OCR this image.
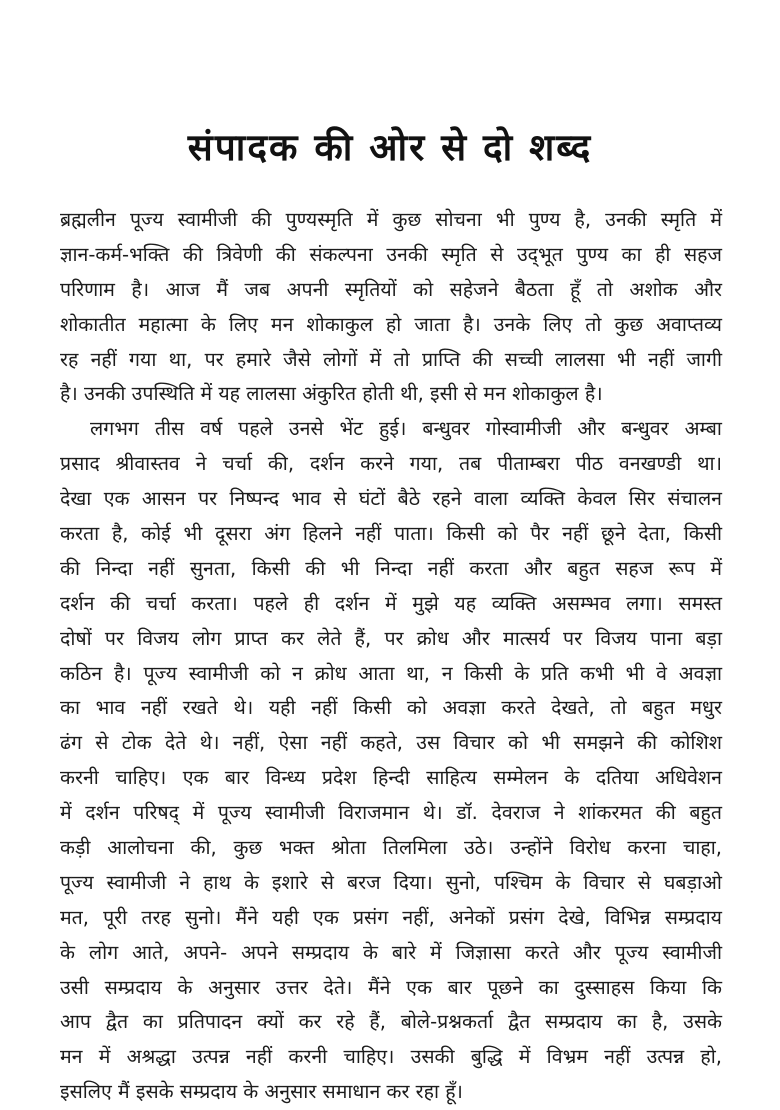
संपादक की ओर से दो शब्द
ब्रह्मलीन पूज्य स्वामीजी की पुण्यस्मृति में कुछ सोचना भी पुण्य है, उनकी स्मृति में
ज्ञान-कर्म-भक्ति की त्रिवेणी की संकल्पना उनकी स्मृति से उद्‌भूत पुण्य का ही सहज
परिणाम है। आज मैं जब अपनी स्मृतियों को सहेजने बैठता हूँ तो अशोक और
शोकातीत महात्मा के लिए मन शोकाकुल हो जाता है। उनके लिए तो कुछ अवाप्तव्य
रह नहीं गया था, पर हमारे जैसे लोगों में तो प्राप्ति की सच्ची लालसा भी नहीं जागी
है। उनकी उपस्थिति में यह लालसा अंकुरित होती थी, इसी से मन शोकाकुल है।
लगभग तीस वर्ष पहले उनसे भेंट हुई। बन्धुवर गोस्वामीजी और बन्धुवर अम्बा
प्रसाद श्रीवास्तव ने चर्चा की, दर्शन करने गया, तब पीताम्बरा पीठ वनखण्डी था।
देखा एक आसन पर निष्पन्द भाव से घंटों बैठे रहने वाला व्यक्ति केवल सिर संचालन
करता है, कोई भी दूसरा अंग हिलने नहीं पाता। किसी को पैर नहीं छूने देता, किसी
की निन्दा नहीं सुनता, किसी की भी निन्दा नहीं करता और बहुत सहज रूप में
दर्शन की चर्चा करता। पहले ही दर्शन में मुझे यह व्यक्ति असम्भव लगा। समस्त
दोषों पर विजय लोग प्राप्त कर लेते हैं, पर क्रोध और मात्सर्य पर विजय पाना बड़ा
कठिन है। पूज्य स्वामीजी को न क्रोध आता था, न किसी के प्रति कभी भी वे अवज्ञा
का भाव नहीं रखते थे। यही नहीं किसी को अवज्ञा करते देखते, तो बहुत मधुर
ढंग से टोक देते थे। नहीं, ऐसा नहीं कहते, उस विचार को भी समझने की कोशिश
करनी चाहिए। एक बार विन्ध्य प्रदेश हिन्दी साहित्य सम्मेलन के दतिया अधिवेशन
में दर्शन परिषद् में पूज्य स्वामीजी विराजमान थे। डॉ. देवराज ने शांकरमत की बहुत
कड़ी आलोचना की, कुछ भक्त श्रोता तिलमिला उठे। उन्होंने विरोध करना चाहा,
पूज्य स्वामीजी ने हाथ के इशारे से बरज दिया। सुनो, पश्चिम के विचार से घबड़ाओ
मत, पूरी तरह सुनो। मैंने यही एक प्रसंग नहीं, अनेकों प्रसंग देखे, विभिन्न सम्प्रदाय
के लोग आते, अपने- अपने सम्प्रदाय के बारे में जिज्ञासा करते और पूज्य स्वामीजी
उसी सम्प्रदाय के अनुसार उत्तर देते। मैंने एक बार पूछने का दुस्साहस किया कि
आप द्वैत का प्रतिपादन क्यों कर रहे हैं, बोले-प्रश्नकर्ता द्वैत सम्प्रदाय का है, उसके
मन में अश्रद्धा उत्पन्न नहीं करनी चाहिए। उसकी बुद्धि में विभ्रम नहीं उत्पन्न हो,
इसलिए मैं इसके सम्प्रदाय के अनुसार समाधान कर रहा हूँ।
